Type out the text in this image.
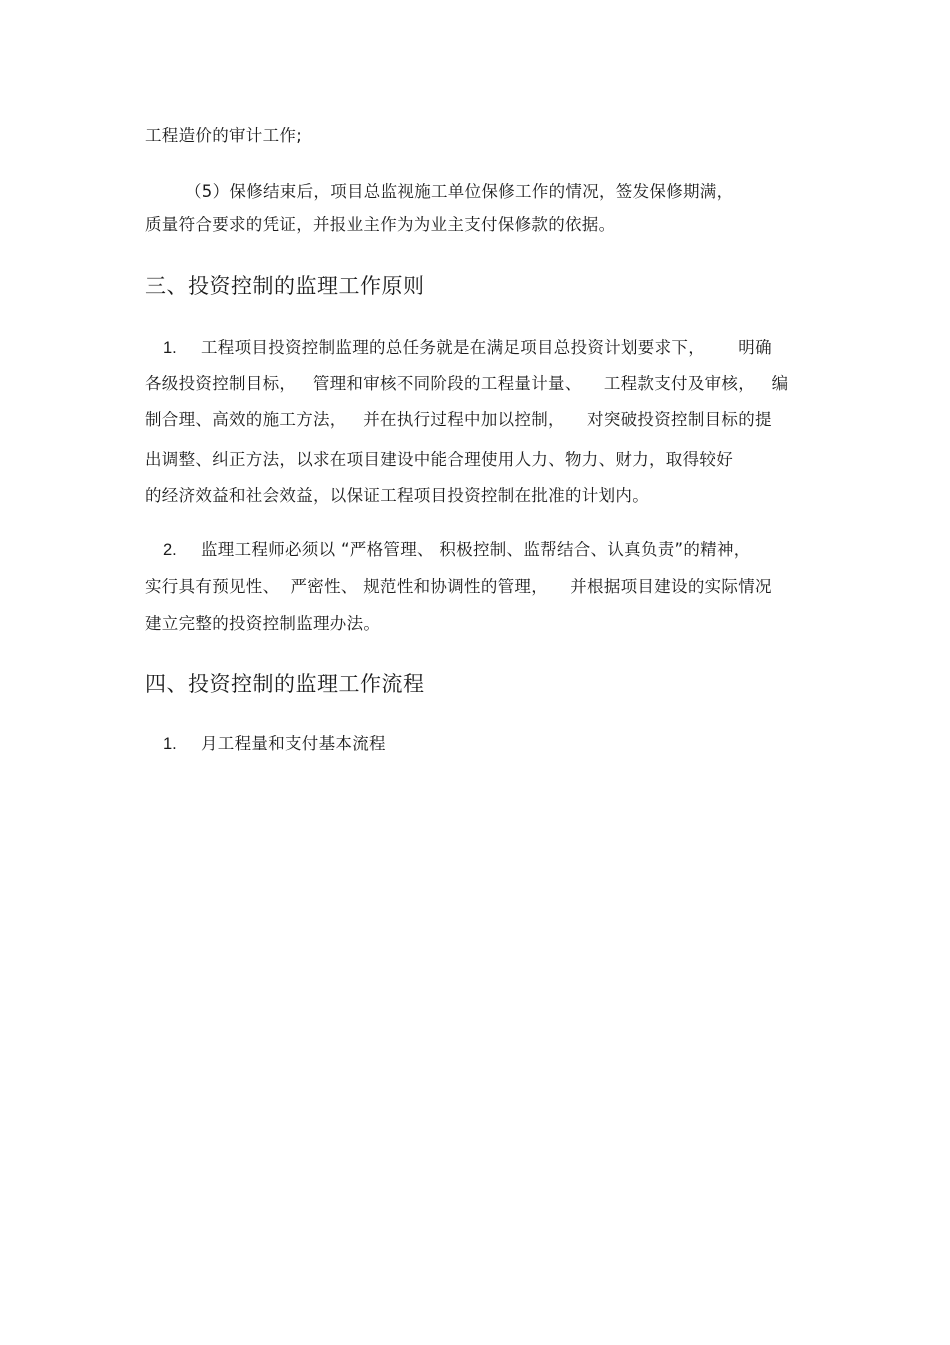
工程造价的审计工作;
（5）保修结束后，项目总监视施工单位保修工作的情况，签发保修期满，
质量符合要求的凭证，并报业主作为为业主支付保修款的依据。
三、投资控制的监理工作原则
1. 工程项目投资控制监理的总任务就是在满足项目总投资计划要求下，      明确
各级投资控制目标，   管理和审核不同阶段的工程量计量、    工程款支付及审核，   编
制合理、高效的施工方法，   并在执行过程中加以控制，    对突破投资控制目标的提
出调整、纠正方法，以求在项目建设中能合理使用人力、物力、财力，取得较好
的经济效益和社会效益，以保证工程项目投资控制在批准的计划内。
2. 监理工程师必须以 “严格管理、 积极控制、监帮结合、认真负责”的精神，
实行具有预见性、  严密性、 规范性和协调性的管理，    并根据项目建设的实际情况
建立完整的投资控制监理办法。
四、投资控制的监理工作流程
1. 月工程量和支付基本流程
